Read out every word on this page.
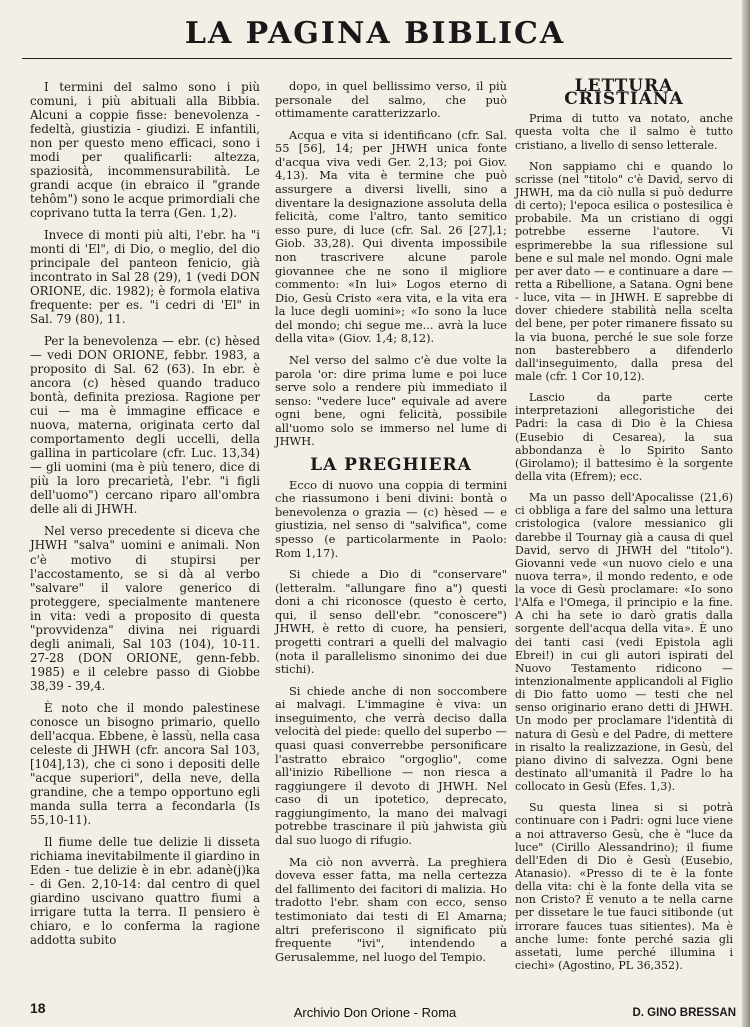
LA PAGINA BIBLICA

I termini del salmo sono i più comuni, i più abituali alla Bibbia. Alcuni a coppie fisse: benevolenza - fedeltà, giustizia - giudizi. E infantili, non per questo meno efficaci, sono i modi per qualificarli: altezza, spaziosità, incommensurabilità. Le grandi acque (in ebraico il "grande tehôm") sono le acque primordiali che coprivano tutta la terra (Gen. 1,2).

Invece di monti più alti, l'ebr. ha "i monti di 'El", di Dio, o meglio, del dio principale del panteon fenicio, già incontrato in Sal 28 (29), 1 (vedi DON ORIONE, dic. 1982); è formola elativa frequente: per es. "i cedri di 'El" in Sal. 79 (80), 11.

Per la benevolenza — ebr. (c) hèsed — vedi DON ORIONE, febbr. 1983, a proposito di Sal. 62 (63). In ebr. è ancora (c) hèsed quando traduco bontà, definita preziosa. Ragione per cui — ma è immagine efficace e nuova, materna, originata certo dal comportamento degli uccelli, della gallina in particolare (cfr. Luc. 13,34) — gli uomini (ma è più tenero, dice di più la loro precarietà, l'ebr. "i figli dell'uomo") cercano riparo all'ombra delle ali di JHWH.

Nel verso precedente si diceva che JHWH "salva" uomini e animali. Non c'è motivo di stupirsi per l'accostamento, se si dà al verbo "salvare" il valore generico di proteggere, specialmente mantenere in vita: vedi a proposito di questa "provvidenza" divina nei riguardi degli animali, Sal 103 (104), 10-11. 27-28 (DON ORIONE, genn-febb. 1985) e il celebre passo di Giobbe 38,39 - 39,4.

È noto che il mondo palestinese conosce un bisogno primario, quello dell'acqua. Ebbene, è lassù, nella casa celeste di JHWH (cfr. ancora Sal 103, [104],13), che ci sono i depositi delle "acque superiori", della neve, della grandine, che a tempo opportuno egli manda sulla terra a fecondarla (Is 55,10-11).

Il fiume delle tue delizie li disseta richiama inevitabilmente il giardino in Eden - tue delizie è in ebr. adanè(j)ka - di Gen. 2,10-14: dal centro di quel giardino uscivano quattro fiumi a irrigare tutta la terra. Il pensiero è chiaro, e lo conferma la ragione addotta subito

dopo, in quel bellissimo verso, il più personale del salmo, che può ottimamente caratterizzarlo.

Acqua e vita si identificano (cfr. Sal. 55 [56], 14; per JHWH unica fonte d'acqua viva vedi Ger. 2,13; poi Giov. 4,13). Ma vita è termine che può assurgere a diversi livelli, sino a diventare la designazione assoluta della felicità, come l'altro, tanto semitico esso pure, di luce (cfr. Sal. 26 [27],1; Giob. 33,28). Qui diventa impossibile non trascrivere alcune parole giovannee che ne sono il migliore commento: «In lui» Logos eterno di Dio, Gesù Cristo «era vita, e la vita era la luce degli uomini»; «Io sono la luce del mondo; chi segue me... avrà la luce della vita» (Giov. 1,4; 8,12).

Nel verso del salmo c'è due volte la parola 'or: dire prima lume e poi luce serve solo a rendere più immediato il senso: "vedere luce" equivale ad avere ogni bene, ogni felicità, possibile all'uomo solo se immerso nel lume di JHWH.

LA PREGHIERA

Ecco di nuovo una coppia di termini che riassumono i beni divini: bontà o benevolenza o grazia — (c) hèsed — e giustizia, nel senso di "salvifica", come spesso (e particolarmente in Paolo: Rom 1,17).

Si chiede a Dio di "conservare" (letteralm. "allungare fino a") questi doni a chi riconosce (questo è certo, qui, il senso dell'ebr. "conoscere") JHWH, è retto di cuore, ha pensieri, progetti contrari a quelli del malvagio (nota il parallelismo sinonimo dei due stichi).

Si chiede anche di non soccombere ai malvagi. L'immagine è viva: un inseguimento, che verrà deciso dalla velocità del piede: quello del superbo — quasi quasi converrebbe personificare l'astratto ebraico "orgoglio", come all'inizio Ribellione — non riesca a raggiungere il devoto di JHWH. Nel caso di un ipotetico, deprecato, raggiungimento, la mano dei malvagi potrebbe trascinare il più jahwista giù dal suo luogo di rifugio.

Ma ciò non avverrà. La preghiera doveva esser fatta, ma nella certezza del fallimento dei facitori di malizia. Ho tradotto l'ebr. sham con ecco, senso testimoniato dai testi di El Amarna; altri preferiscono il significato più frequente "ivi", intendendo a Gerusalemme, nel luogo del Tempio.

LETTURA CRISTIANA

Prima di tutto va notato, anche questa volta che il salmo è tutto cristiano, a livello di senso letterale.

Non sappiamo chi e quando lo scrisse (nel "titolo" c'è David, servo di JHWH, ma da ciò nulla si può dedurre di certo); l'epoca esilica o postesilica è probabile. Ma un cristiano di oggi potrebbe esserne l'autore. Vi esprimerebbe la sua riflessione sul bene e sul male nel mondo. Ogni male per aver dato — e continuare a dare — retta a Ribellione, a Satana. Ogni bene - luce, vita — in JHWH. E saprebbe di dover chiedere stabilità nella scelta del bene, per poter rimanere fissato su la via buona, perché le sue sole forze non basterebbero a difenderlo dall'inseguimento, dalla presa del male (cfr. 1 Cor 10,12).

Lascio da parte certe interpretazioni allegoristiche dei Padri: la casa di Dio è la Chiesa (Eusebio di Cesarea), la sua abbondanza è lo Spirito Santo (Girolamo); il battesimo è la sorgente della vita (Efrem); ecc.

Ma un passo dell'Apocalisse (21,6) ci obbliga a fare del salmo una lettura cristologica (valore messianico gli darebbe il Tournay già a causa di quel David, servo di JHWH del "titolo"). Giovanni vede «un nuovo cielo e una nuova terra», il mondo redento, e ode la voce di Gesù proclamare: «Io sono l'Alfa e l'Omega, il principio e la fine. A chi ha sete io darò gratis dalla sorgente dell'acqua della vita». È uno dei tanti casi (vedi Epistola agli Ebrei!) in cui gli autori ispirati del Nuovo Testamento ridicono — intenzionalmente applicandoli al Figlio di Dio fatto uomo — testi che nel senso originario erano detti di JHWH. Un modo per proclamare l'identità di natura di Gesù e del Padre, di mettere in risalto la realizzazione, in Gesù, del piano divino di salvezza. Ogni bene destinato all'umanità il Padre lo ha collocato in Gesù (Efes. 1,3).

Su questa linea si si potrà continuare con i Padri: ogni luce viene a noi attraverso Gesù, che è "luce da luce" (Cirillo Alessandrino); il fiume dell'Eden di Dio è Gesù (Eusebio, Atanasio). «Presso di te è la fonte della vita: chi è la fonte della vita se non Cristo? È venuto a te nella carne per dissetare le tue fauci sitibonde (ut irrorare fauces tuas sitientes). Ma è anche lume: fonte perché sazia gli assetati, lume perché illumina i ciechi» (Agostino, PL 36,352).

D. GINO BRESSAN
18	Archivio Don Orione - Roma
